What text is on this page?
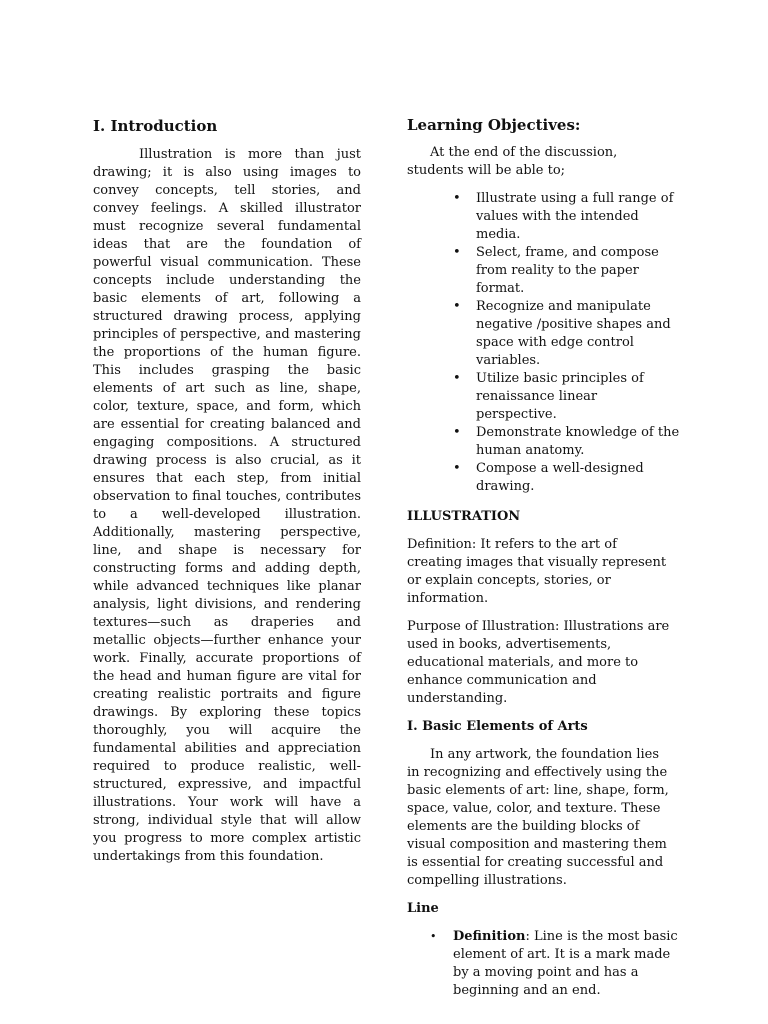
I. Introduction

Illustration is more than just drawing; it is also using images to convey concepts, tell stories, and convey feelings. A skilled illustrator must recognize several fundamental ideas that are the foundation of powerful visual communication. These concepts include understanding the basic elements of art, following a structured drawing process, applying principles of perspective, and mastering the proportions of the human figure. This includes grasping the basic elements of art such as line, shape, color, texture, space, and form, which are essential for creating balanced and engaging compositions. A structured drawing process is also crucial, as it ensures that each step, from initial observation to final touches, contributes to a well-developed illustration. Additionally, mastering perspective, line, and shape is necessary for constructing forms and adding depth, while advanced techniques like planar analysis, light divisions, and rendering textures—such as draperies and metallic objects—further enhance your work. Finally, accurate proportions of the head and human figure are vital for creating realistic portraits and figure drawings. By exploring these topics thoroughly, you will acquire the fundamental abilities and appreciation required to produce realistic, well-structured, expressive, and impactful illustrations. Your work will have a strong, individual style that will allow you progress to more complex artistic undertakings from this foundation.

Learning Objectives:

At the end of the discussion, students will be able to;

• Illustrate using a full range of values with the intended media.
• Select, frame, and compose from reality to the paper format.
• Recognize and manipulate negative /positive shapes and space with edge control variables.
• Utilize basic principles of renaissance linear perspective.
• Demonstrate knowledge of the human anatomy.
• Compose a well-designed drawing.
ILLUSTRATION

Definition: It refers to the art of creating images that visually represent or explain concepts, stories, or information.

Purpose of Illustration: Illustrations are used in books, advertisements, educational materials, and more to enhance communication and understanding.

I. Basic Elements of Arts

In any artwork, the foundation lies in recognizing and effectively using the basic elements of art: line, shape, form, space, value, color, and texture. These elements are the building blocks of visual composition and mastering them is essential for creating successful and compelling illustrations.

Line
• Definition: Line is the most basic element of art. It is a mark made by a moving point and has a beginning and an end.
